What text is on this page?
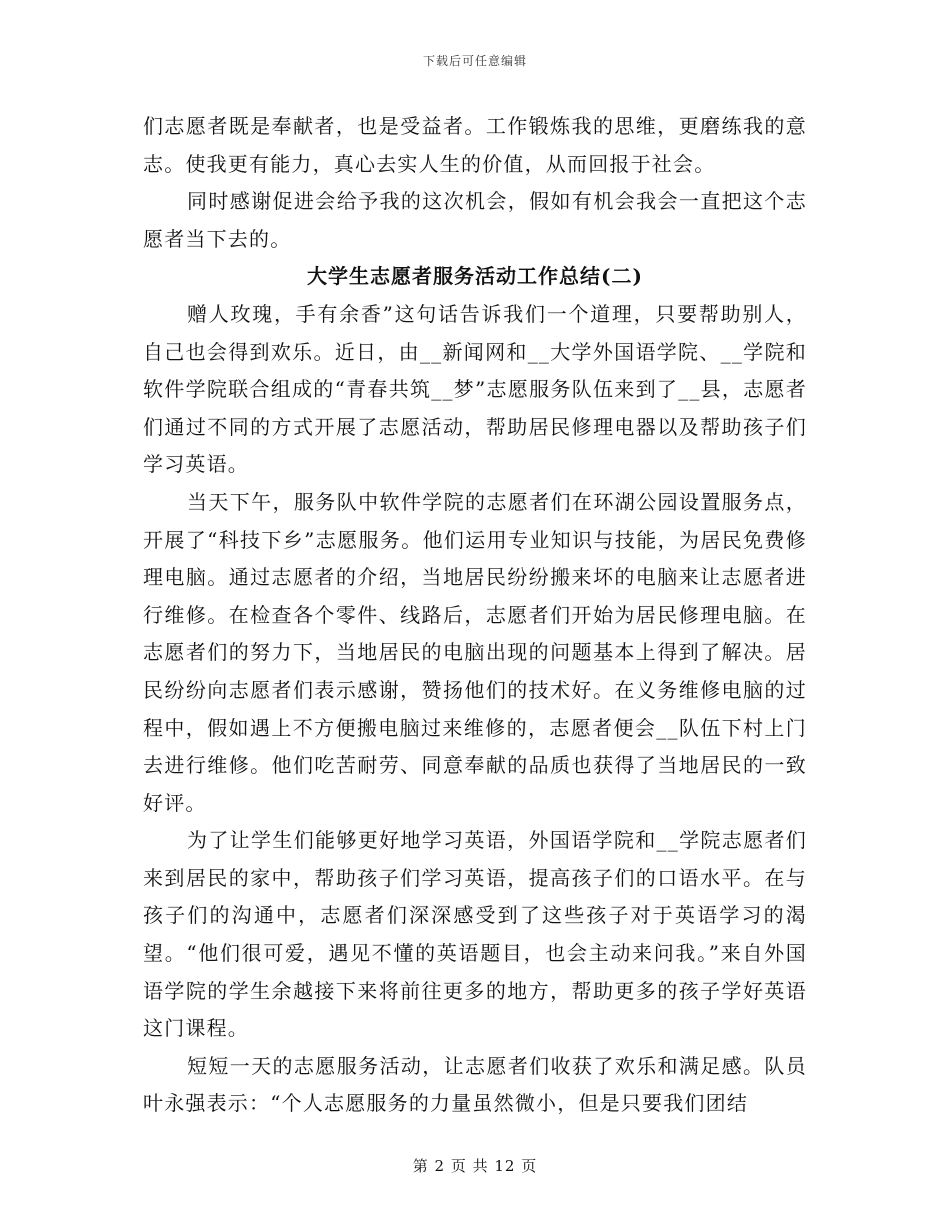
下载后可任意编辑

们志愿者既是奉献者，也是受益者。工作锻炼我的思维，更磨练我的意志。使我更有能力，真心去实人生的价值，从而回报于社会。

同时感谢促进会给予我的这次机会，假如有机会我会一直把这个志愿者当下去的。

大学生志愿者服务活动工作总结(二)

赠人玫瑰，手有余香”这句话告诉我们一个道理，只要帮助别人，自己也会得到欢乐。近日，由__新闻网和__大学外国语学院、__学院和软件学院联合组成的“青春共筑__梦”志愿服务队伍来到了__县，志愿者们通过不同的方式开展了志愿活动，帮助居民修理电器以及帮助孩子们学习英语。

当天下午，服务队中软件学院的志愿者们在环湖公园设置服务点，开展了“科技下乡”志愿服务。他们运用专业知识与技能，为居民免费修理电脑。通过志愿者的介绍，当地居民纷纷搬来坏的电脑来让志愿者进行维修。在检查各个零件、线路后，志愿者们开始为居民修理电脑。在志愿者们的努力下，当地居民的电脑出现的问题基本上得到了解决。居民纷纷向志愿者们表示感谢，赞扬他们的技术好。在义务维修电脑的过程中，假如遇上不方便搬电脑过来维修的，志愿者便会__队伍下村上门去进行维修。他们吃苦耐劳、同意奉献的品质也获得了当地居民的一致好评。

为了让学生们能够更好地学习英语，外国语学院和__学院志愿者们来到居民的家中，帮助孩子们学习英语，提高孩子们的口语水平。在与孩子们的沟通中，志愿者们深深感受到了这些孩子对于英语学习的渴望。“他们很可爱，遇见不懂的英语题目，也会主动来问我。”来自外国语学院的学生余越接下来将前往更多的地方，帮助更多的孩子学好英语这门课程。

短短一天的志愿服务活动，让志愿者们收获了欢乐和满足感。队员叶永强表示：“个人志愿服务的力量虽然微小，但是只要我们团结

第 2 页 共 12 页
